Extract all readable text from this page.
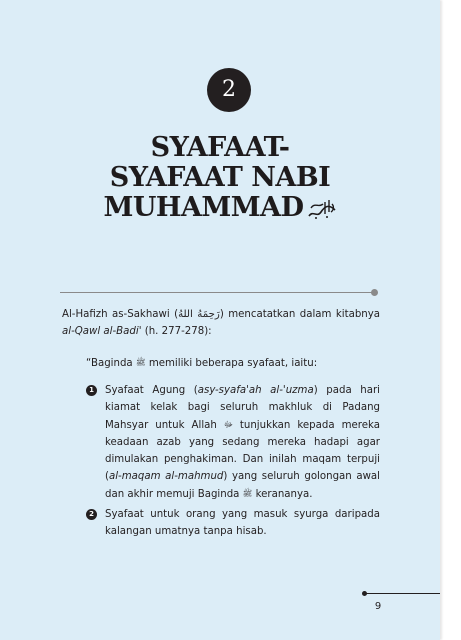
2
SYAFAAT-
SYAFAAT NABI
MUHAMMAD

Al-Hafizh as-Sakhawi (رَحِمَهُ اللهُ) mencatatkan dalam kitabnya al-Qawl al-Badi' (h. 277-278):

“Baginda ﷺ memiliki beberapa syafaat, iaitu:

1	Syafaat Agung (asy-syafa'ah al-'uzma) pada hari kiamat kelak bagi seluruh makhluk di Padang Mahsyar untuk Allah ﷻ tunjukkan kepada mereka keadaan azab yang sedang mereka hadapi agar dimulakan penghakiman. Dan inilah maqam terpuji (al-maqam al-mahmud) yang seluruh golongan awal dan akhir memuji Baginda ﷺ kerananya.
2	Syafaat untuk orang yang masuk syurga daripada kalangan umatnya tanpa hisab.
9
